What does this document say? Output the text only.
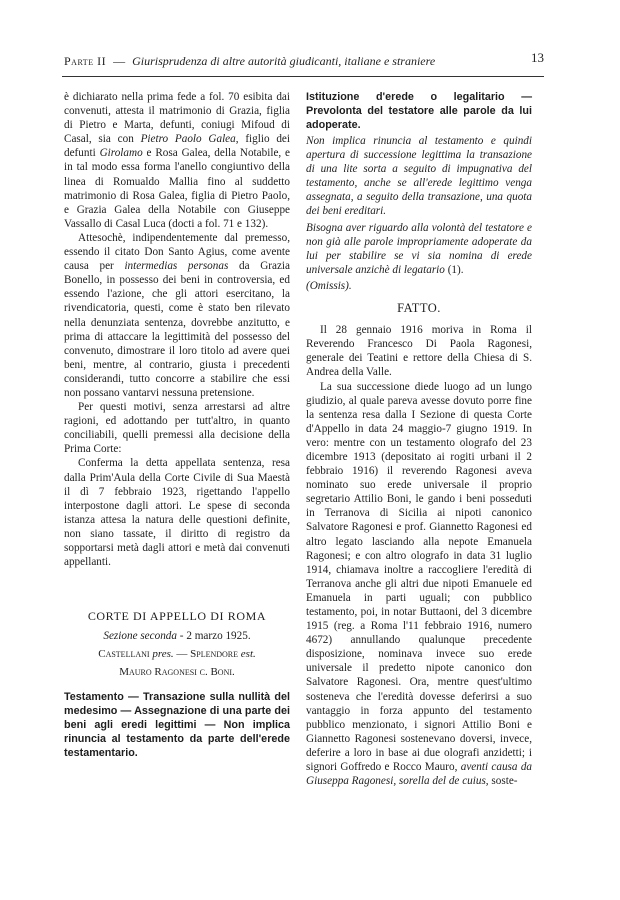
Parte II — Giurisprudenza di altre autorità giudicanti, italiane e straniere	13

è dichiarato nella prima fede a fol. 70 esibita dai convenuti, attesta il matrimonio di Grazia, figlia di Pietro e Marta, defunti, coniugi Mifoud di Casal, sia con Pietro Paolo Galea, figlio dei defunti Girolamo e Rosa Galea, della Notabile, e in tal modo essa forma l'anello congiuntivo della linea di Romualdo Mallia fino al suddetto matrimonio di Rosa Galea, figlia di Pietro Paolo, e Grazia Galea della Notabile con Giuseppe Vassallo di Casal Luca (docti a fol. 71 e 132).

Attesochè, indipendentemente dal premesso, essendo il citato Don Santo Agius, come avente causa per intermedias personas da Grazia Bonello, in possesso dei beni in controversia, ed essendo l'azione, che gli attori esercitano, la rivendicatoria, questi, come è stato ben rilevato nella denunziata sentenza, dovrebbe anzitutto, e prima di attaccare la legittimità del possesso del convenuto, dimostrare il loro titolo ad avere quei beni, mentre, al contrario, giusta i precedenti considerandi, tutto concorre a stabilire che essi non possano vantarvi nessuna pretensione.

Per questi motivi, senza arrestarsi ad altre ragioni, ed adottando per tutt'altro, in quanto conciliabili, quelli premessi alla decisione della Prima Corte:

Conferma la detta appellata sentenza, resa dalla Prim'Aula della Corte Civile di Sua Maestà il dì 7 febbraio 1923, rigettando l'appello interpostone dagli attori. Le spese di seconda istanza attesa la natura delle questioni definite, non siano tassate, il diritto di registro da sopportarsi metà dagli attori e metà dai convenuti appellanti.

CORTE DI APPELLO DI ROMA
Sezione seconda - 2 marzo 1925.
Castellani pres. — Splendore est.
Mauro Ragonesi c. Boni.

Testamento — Transazione sulla nullità del medesimo — Assegnazione di una parte dei beni agli eredi legittimi — Non implica rinuncia al testamento da parte dell'erede testamentario.

Istituzione d'erede o legalitario — Prevolonta del testatore alle parole da lui adoperate.

Non implica rinuncia al testamento e quindi apertura di successione legittima la transazione di una lite sorta a seguito di impugnativa del testamento, anche se all'erede legittimo venga assegnata, a seguito della transazione, una quota dei beni ereditari.

Bisogna aver riguardo alla volontà del testatore e non già alle parole impropriamente adoperate da lui per stabilire se vi sia nomina di erede universale anzichè di legatario (1).

(Omissis).

FATTO.

Il 28 gennaio 1916 moriva in Roma il Reverendo Francesco Di Paola Ragonesi, generale dei Teatini e rettore della Chiesa di S. Andrea della Valle.

La sua successione diede luogo ad un lungo giudizio, al quale pareva avesse dovuto porre fine la sentenza resa dalla I Sezione di questa Corte d'Appello in data 24 maggio-7 giugno 1919. In vero: mentre con un testamento olografo del 23 dicembre 1913 (depositato ai rogiti urbani il 2 febbraio 1916) il reverendo Ragonesi aveva nominato suo erede universale il proprio segretario Attilio Boni, le gando i beni posseduti in Terranova di Sicilia ai nipoti canonico Salvatore Ragonesi e prof. Giannetto Ragonesi ed altro legato lasciando alla nepote Emanuela Ragonesi; e con altro olografo in data 31 luglio 1914, chiamava inoltre a raccogliere l'eredità di Terranova anche gli altri due nipoti Emanuele ed Emanuela in parti uguali; con pubblico testamento, poi, in notar Buttaoni, del 3 dicembre 1915 (reg. a Roma l'11 febbraio 1916, numero 4672) annullando qualunque precedente disposizione, nominava invece suo erede universale il predetto nipote canonico don Salvatore Ragonesi. Ora, mentre quest'ultimo sosteneva che l'eredità dovesse deferirsi a suo vantaggio in forza appunto del testamento pubblico menzionato, i signori Attilio Boni e Giannetto Ragonesi sostenevano doversi, invece, deferire a loro in base ai due olografi anzidetti; i signori Goffredo e Rocco Mauro, aventi causa da Giuseppa Ragonesi, sorella del de cuius, soste-
